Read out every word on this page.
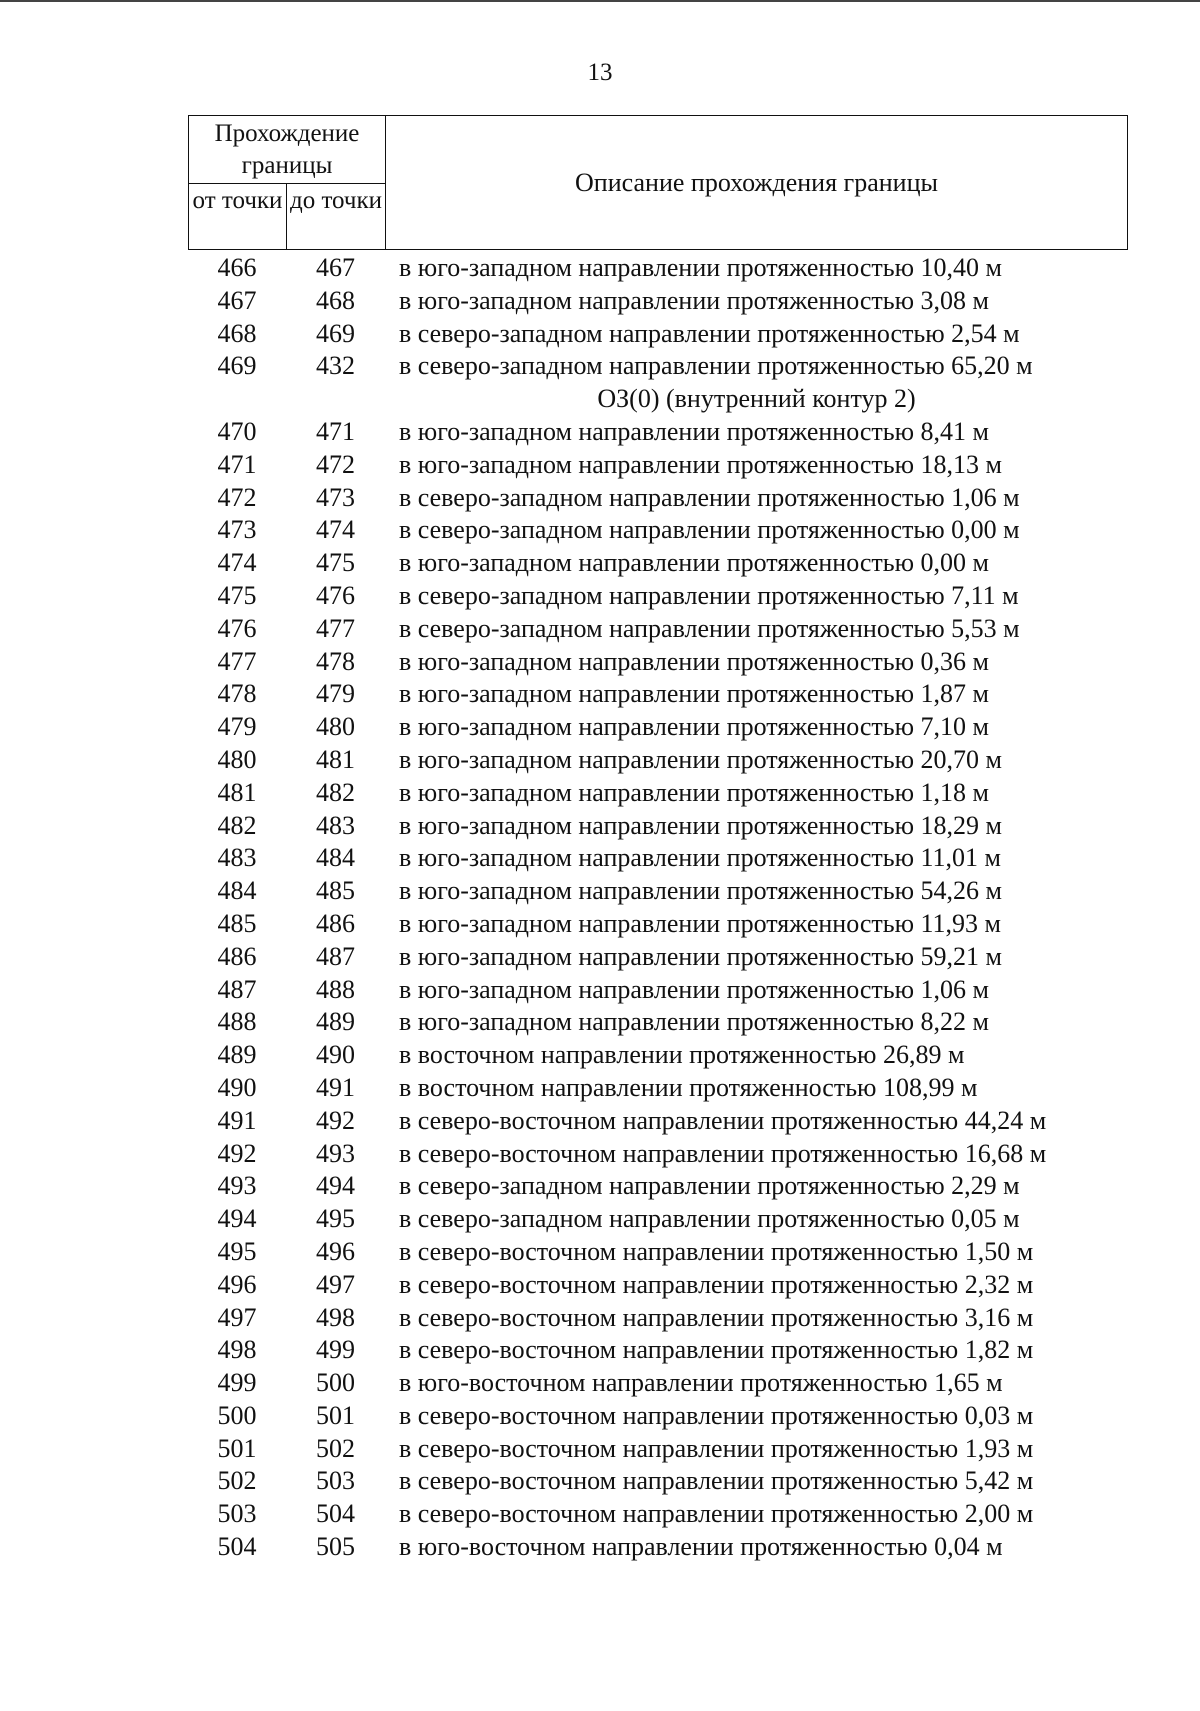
13
Прохождение границы
от точки до точки
Описание прохождения границы
466	467	в юго-западном направлении протяженностью 10,40 м
467	468	в юго-западном направлении протяженностью 3,08 м
468	469	в северо-западном направлении протяженностью 2,54 м
469	432	в северо-западном направлении протяженностью 65,20 м
ОЗ(0) (внутренний контур 2)
470	471	в юго-западном направлении протяженностью 8,41 м
471	472	в юго-западном направлении протяженностью 18,13 м
472	473	в северо-западном направлении протяженностью 1,06 м
473	474	в северо-западном направлении протяженностью 0,00 м
474	475	в юго-западном направлении протяженностью 0,00 м
475	476	в северо-западном направлении протяженностью 7,11 м
476	477	в северо-западном направлении протяженностью 5,53 м
477	478	в юго-западном направлении протяженностью 0,36 м
478	479	в юго-западном направлении протяженностью 1,87 м
479	480	в юго-западном направлении протяженностью 7,10 м
480	481	в юго-западном направлении протяженностью 20,70 м
481	482	в юго-западном направлении протяженностью 1,18 м
482	483	в юго-западном направлении протяженностью 18,29 м
483	484	в юго-западном направлении протяженностью 11,01 м
484	485	в юго-западном направлении протяженностью 54,26 м
485	486	в юго-западном направлении протяженностью 11,93 м
486	487	в юго-западном направлении протяженностью 59,21 м
487	488	в юго-западном направлении протяженностью 1,06 м
488	489	в юго-западном направлении протяженностью 8,22 м
489	490	в восточном направлении протяженностью 26,89 м
490	491	в восточном направлении протяженностью 108,99 м
491	492	в северо-восточном направлении протяженностью 44,24 м
492	493	в северо-восточном направлении протяженностью 16,68 м
493	494	в северо-западном направлении протяженностью 2,29 м
494	495	в северо-западном направлении протяженностью 0,05 м
495	496	в северо-восточном направлении протяженностью 1,50 м
496	497	в северо-восточном направлении протяженностью 2,32 м
497	498	в северо-восточном направлении протяженностью 3,16 м
498	499	в северо-восточном направлении протяженностью 1,82 м
499	500	в юго-восточном направлении протяженностью 1,65 м
500	501	в северо-восточном направлении протяженностью 0,03 м
501	502	в северо-восточном направлении протяженностью 1,93 м
502	503	в северо-восточном направлении протяженностью 5,42 м
503	504	в северо-восточном направлении протяженностью 2,00 м
504	505	в юго-восточном направлении протяженностью 0,04 м
